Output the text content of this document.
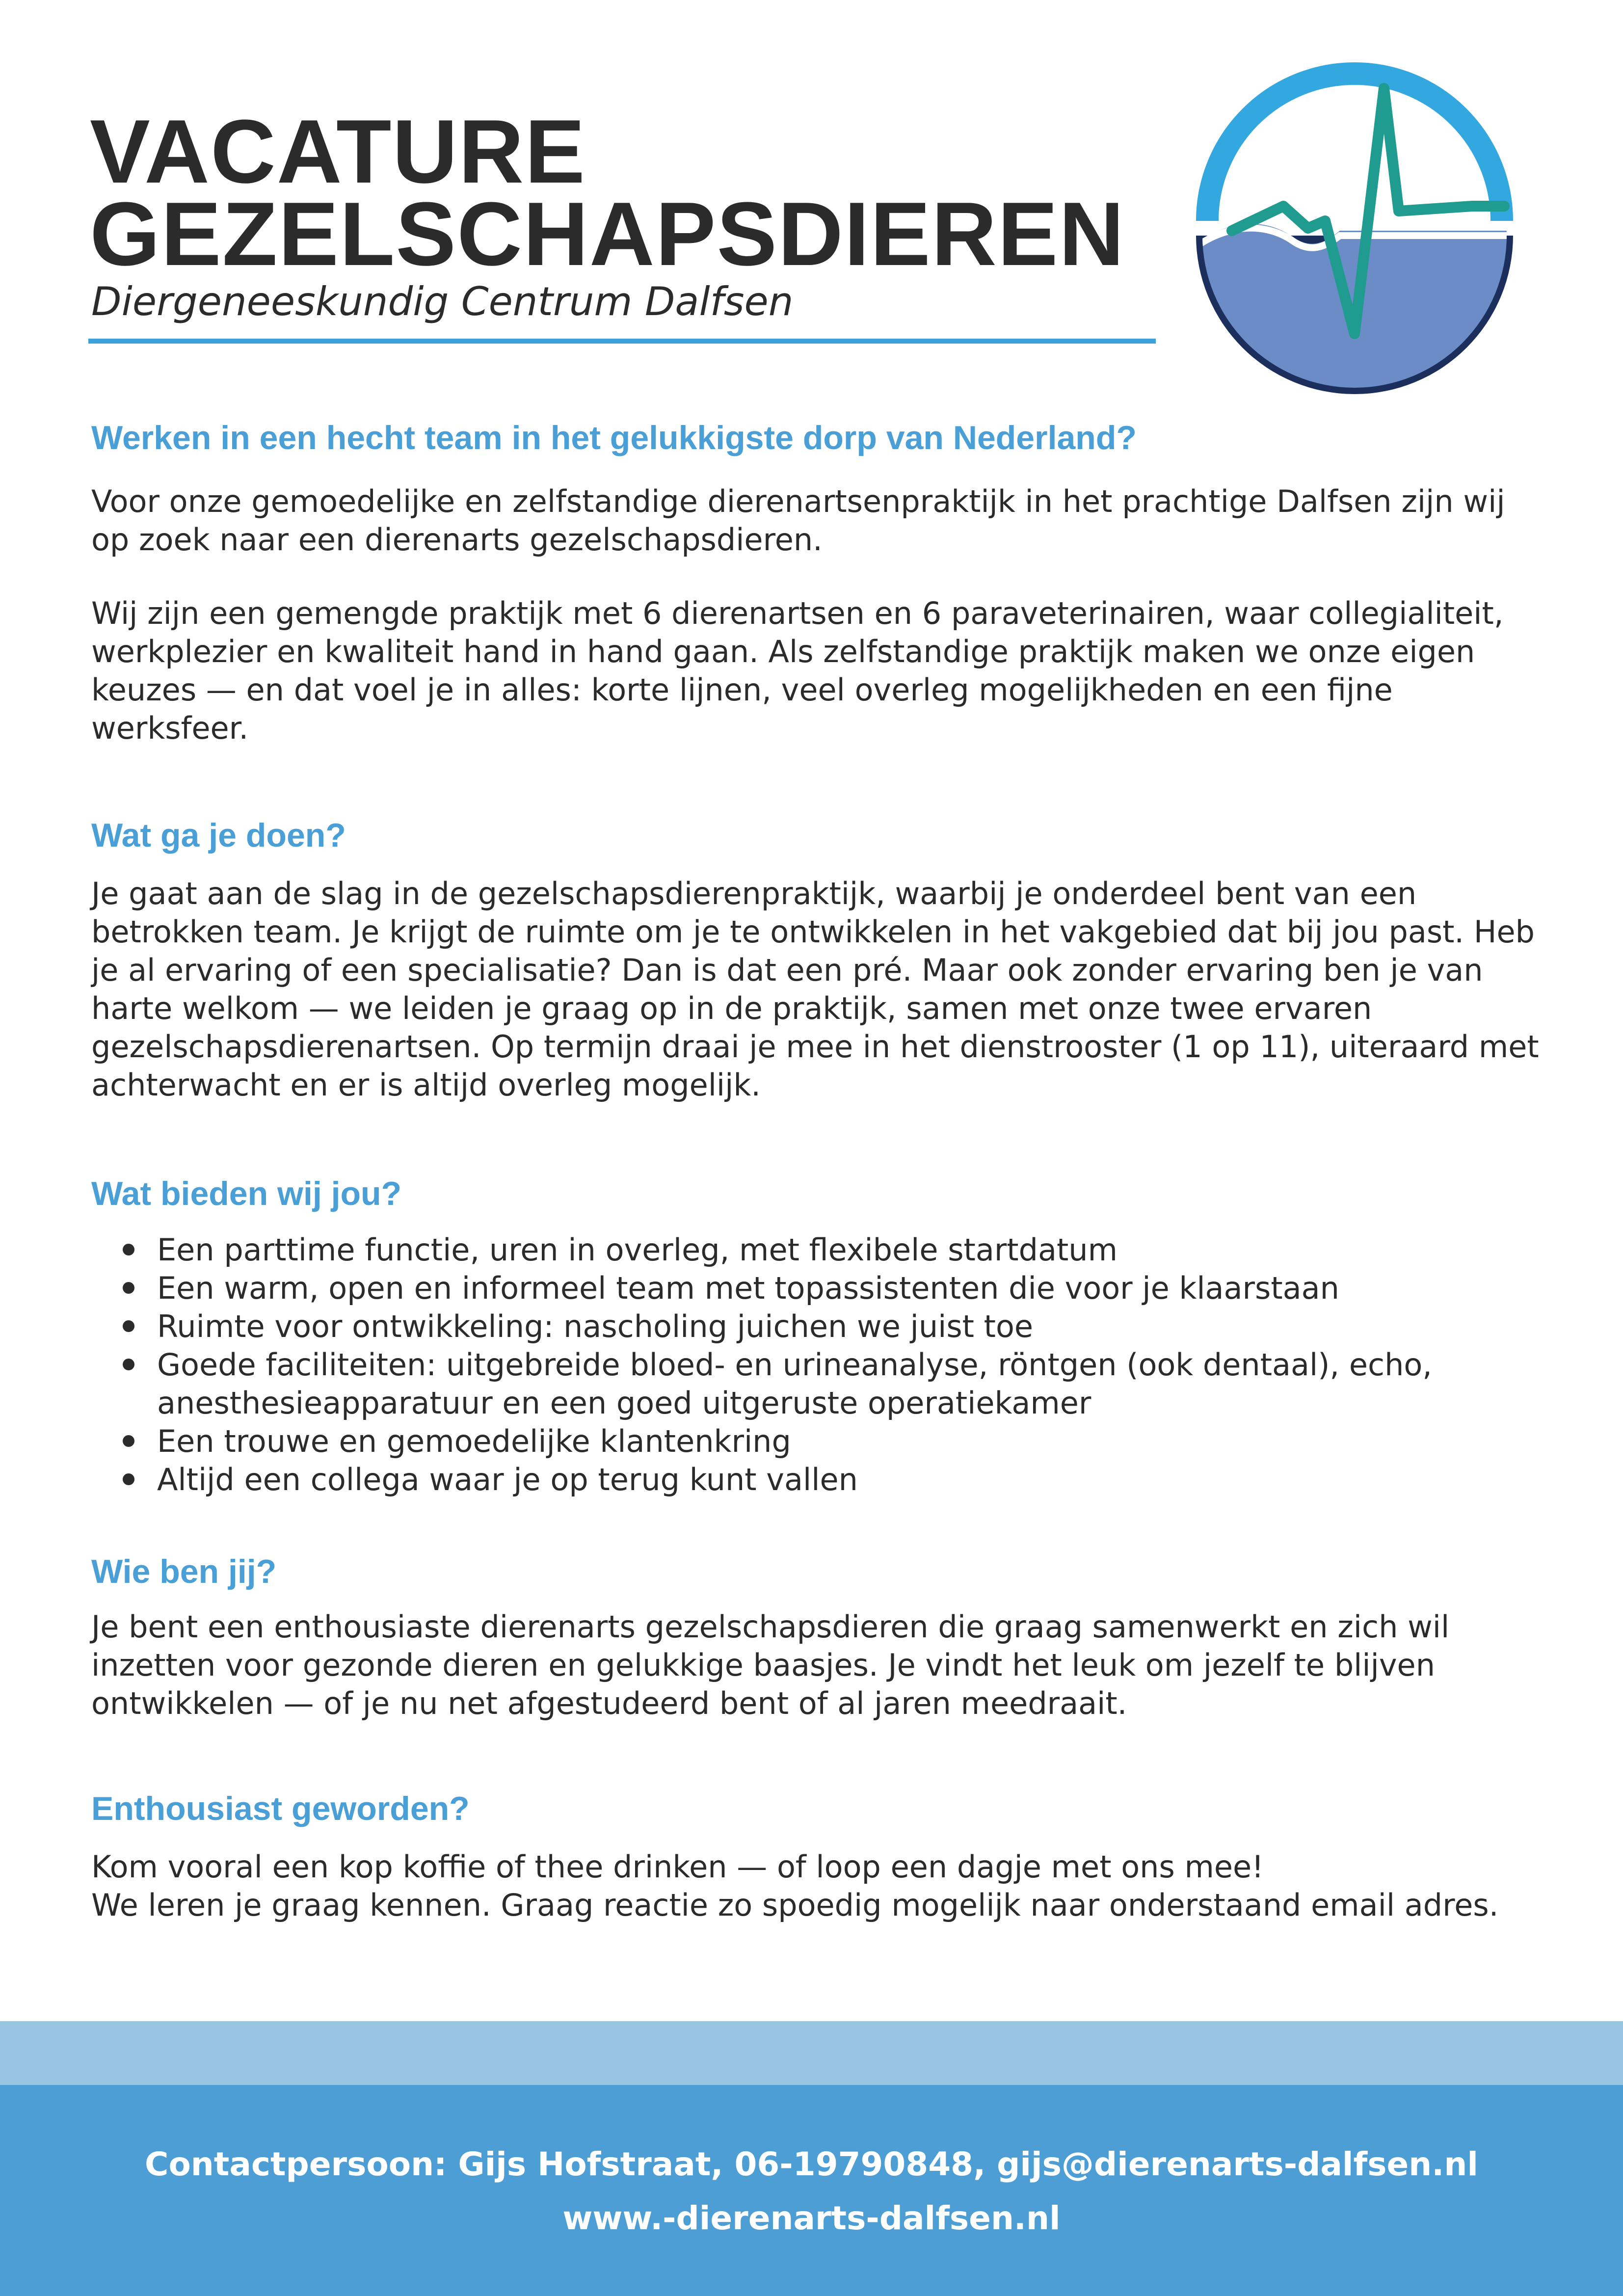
VACATURE
GEZELSCHAPSDIEREN

Diergeneeskundig Centrum Dalfsen

Werken in een hecht team in het gelukkigste dorp van Nederland?

Voor onze gemoedelijke en zelfstandige dierenartsenpraktijk in het prachtige Dalfsen zijn wij op zoek naar een dierenarts gezelschapsdieren.

Wij zijn een gemengde praktijk met 6 dierenartsen en 6 paraveterinairen, waar collegialiteit, werkplezier en kwaliteit hand in hand gaan. Als zelfstandige praktijk maken we onze eigen keuzes — en dat voel je in alles: korte lijnen, veel overleg mogelijkheden en een fijne werksfeer.

Wat ga je doen?

Je gaat aan de slag in de gezelschapsdierenpraktijk, waarbij je onderdeel bent van een betrokken team. Je krijgt de ruimte om je te ontwikkelen in het vakgebied dat bij jou past. Heb je al ervaring of een specialisatie? Dan is dat een pré. Maar ook zonder ervaring ben je van harte welkom — we leiden je graag op in de praktijk, samen met onze twee ervaren gezelschapsdierenartsen. Op termijn draai je mee in het dienstrooster (1 op 11), uiteraard met achterwacht en er is altijd overleg mogelijk.

Wat bieden wij jou?
Een parttime functie, uren in overleg, met flexibele startdatum
Een warm, open en informeel team met topassistenten die voor je klaarstaan
Ruimte voor ontwikkeling: nascholing juichen we juist toe
Goede faciliteiten: uitgebreide bloed- en urineanalyse, röntgen (ook dentaal), echo, anesthesieapparatuur en een goed uitgeruste operatiekamer
Een trouwe en gemoedelijke klantenkring
Altijd een collega waar je op terug kunt vallen
Wie ben jij?

Je bent een enthousiaste dierenarts gezelschapsdieren die graag samenwerkt en zich wil inzetten voor gezonde dieren en gelukkige baasjes. Je vindt het leuk om jezelf te blijven ontwikkelen — of je nu net afgestudeerd bent of al jaren meedraait.

Enthousiast geworden?

Kom vooral een kop koffie of thee drinken — of loop een dagje met ons mee!

We leren je graag kennen. Graag reactie zo spoedig mogelijk naar onderstaand email adres.

Contactpersoon: Gijs Hofstraat, 06-19790848, gijs@dierenarts-dalfsen.nl

www.-dierenarts-dalfsen.nl
